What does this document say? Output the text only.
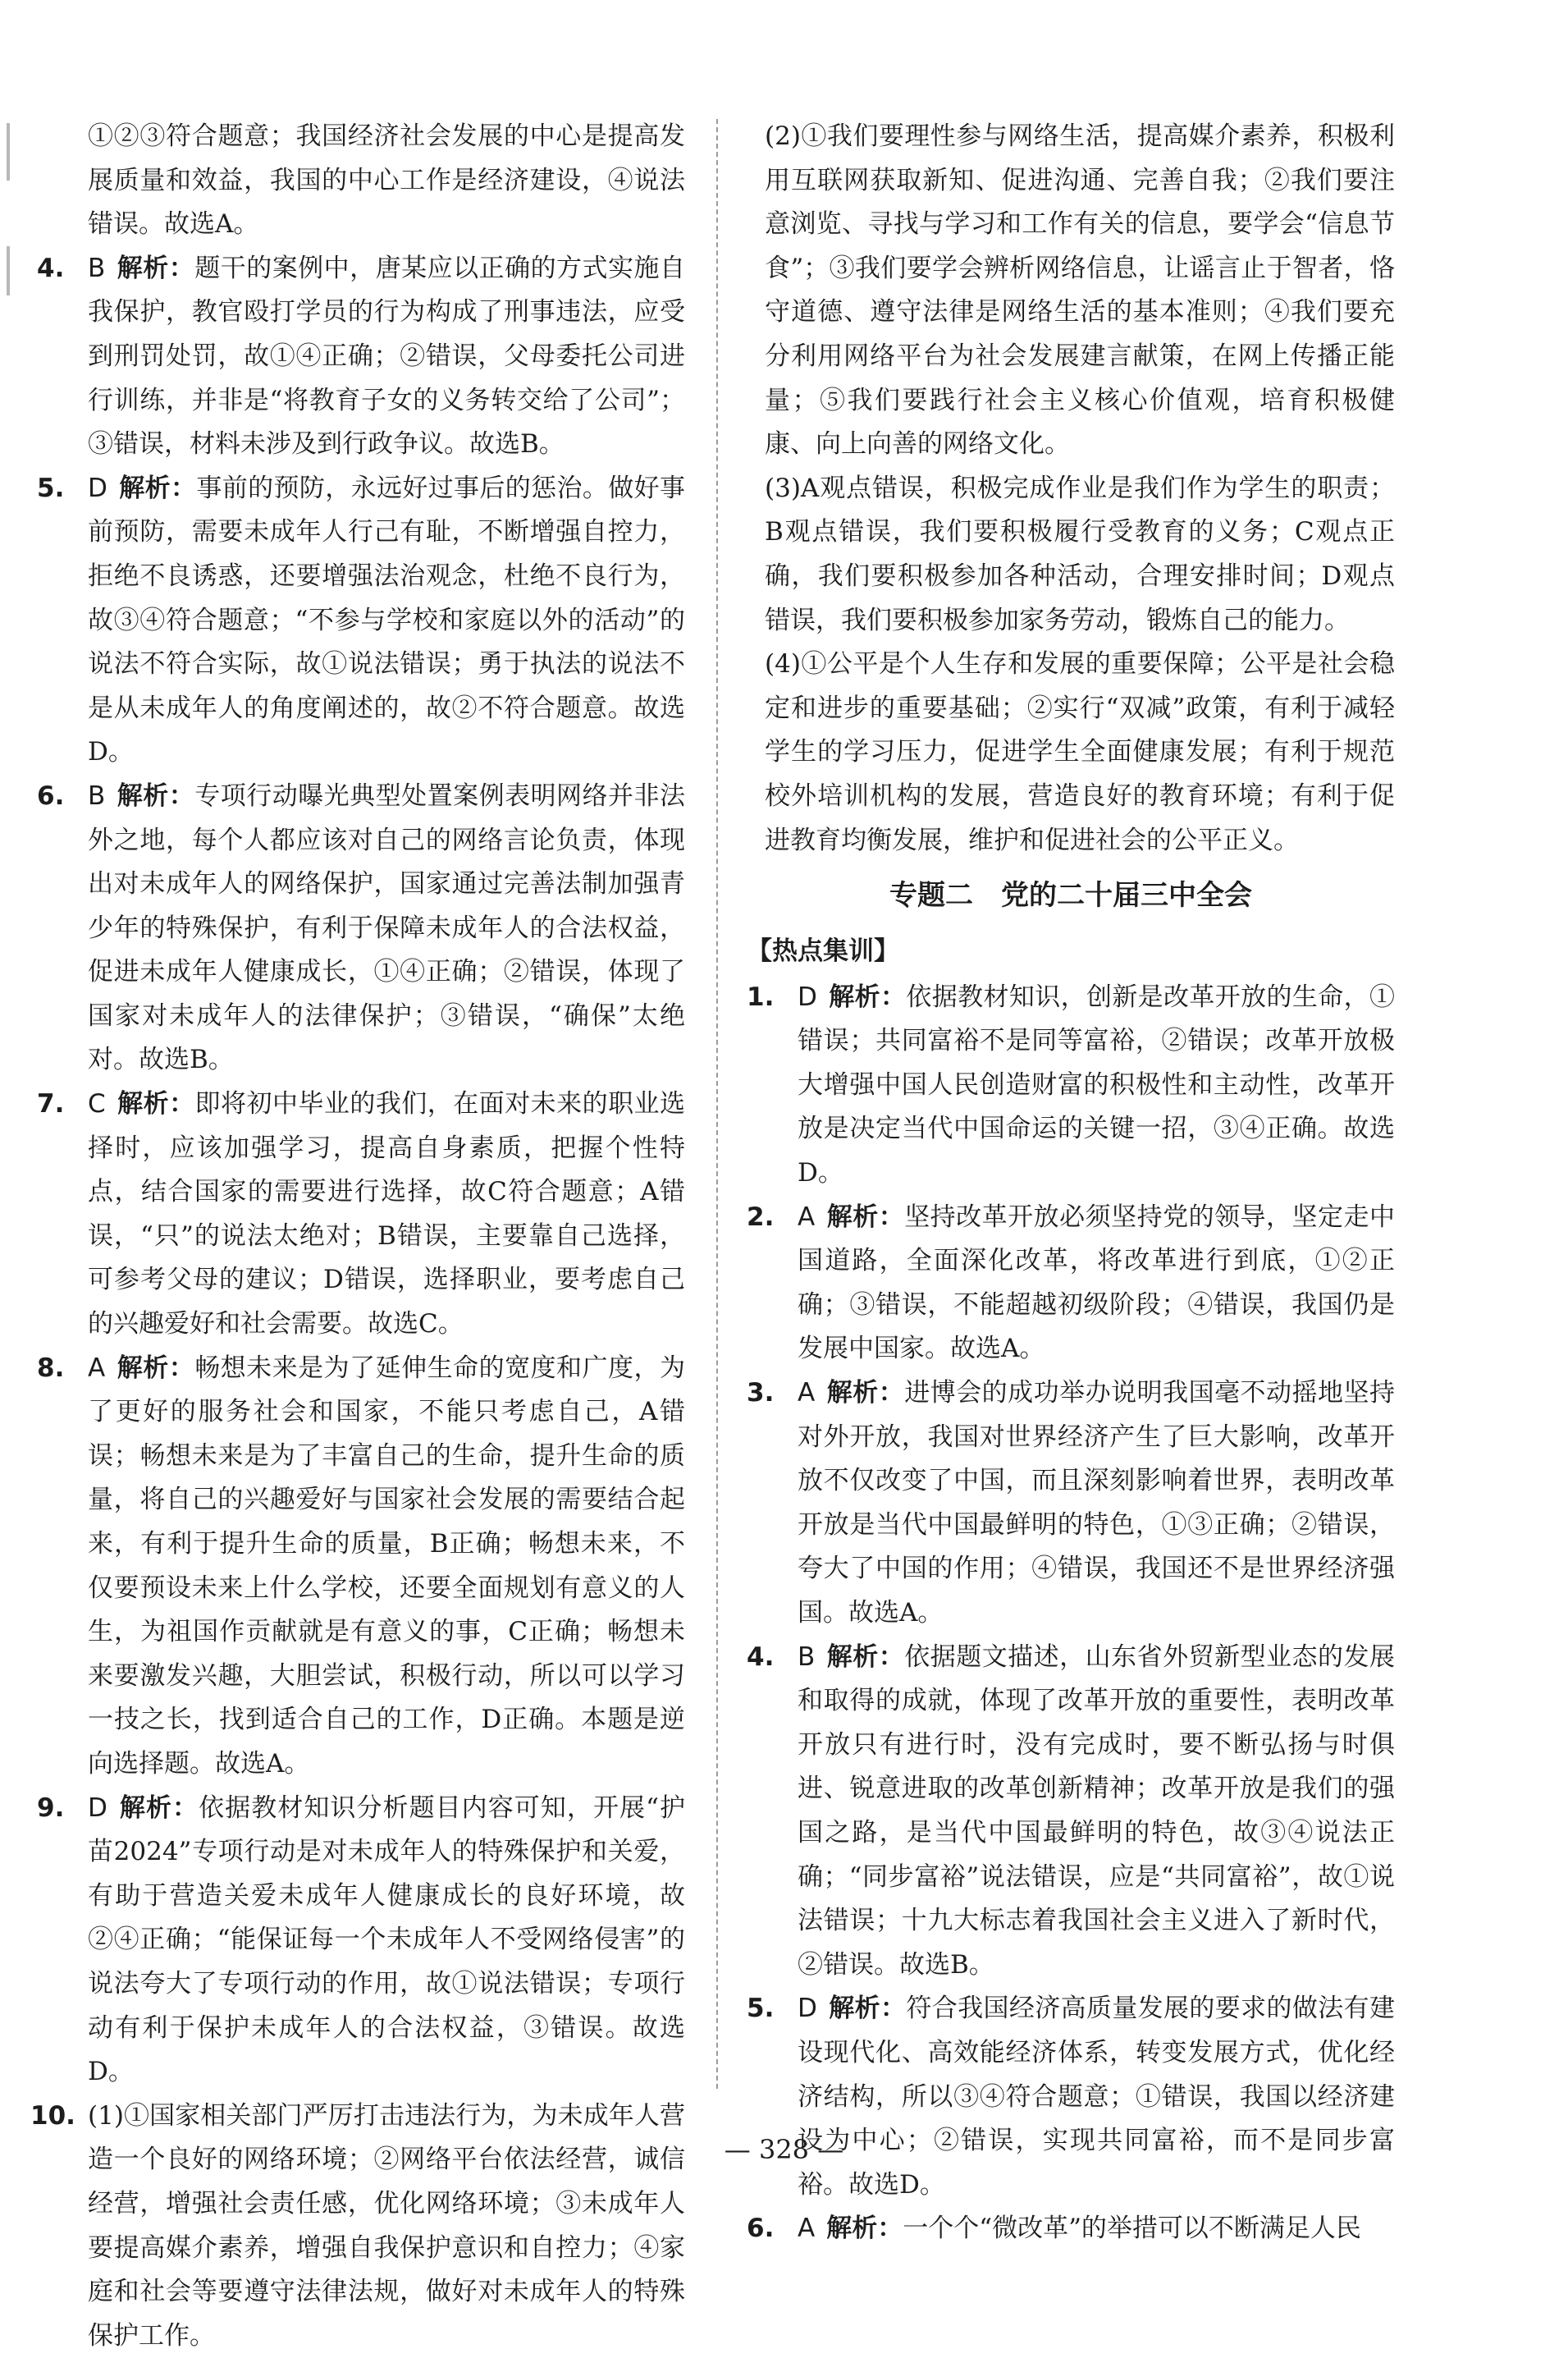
①②③符合题意；我国经济社会发展的中心是提高发展质量和效益，我国的中心工作是经济建设，④说法错误。故选A。
4. B 解析：题干的案例中，唐某应以正确的方式实施自我保护，教官殴打学员的行为构成了刑事违法，应受到刑罚处罚，故①④正确；②错误，父母委托公司进行训练，并非是“将教育子女的义务转交给了公司”；③错误，材料未涉及到行政争议。故选B。
5. D 解析：事前的预防，永远好过事后的惩治。做好事前预防，需要未成年人行己有耻，不断增强自控力，拒绝不良诱惑，还要增强法治观念，杜绝不良行为，故③④符合题意；“不参与学校和家庭以外的活动”的说法不符合实际，故①说法错误；勇于执法的说法不是从未成年人的角度阐述的，故②不符合题意。故选D。
6. B 解析：专项行动曝光典型处置案例表明网络并非法外之地，每个人都应该对自己的网络言论负责，体现出对未成年人的网络保护，国家通过完善法制加强青少年的特殊保护，有利于保障未成年人的合法权益，促进未成年人健康成长，①④正确；②错误，体现了国家对未成年人的法律保护；③错误，“确保”太绝对。故选B。
7. C 解析：即将初中毕业的我们，在面对未来的职业选择时，应该加强学习，提高自身素质，把握个性特点，结合国家的需要进行选择，故C符合题意；A错误，“只”的说法太绝对；B错误，主要靠自己选择，可参考父母的建议；D错误，选择职业，要考虑自己的兴趣爱好和社会需要。故选C。
8. A 解析：畅想未来是为了延伸生命的宽度和广度，为了更好的服务社会和国家，不能只考虑自己，A错误；畅想未来是为了丰富自己的生命，提升生命的质量，将自己的兴趣爱好与国家社会发展的需要结合起来，有利于提升生命的质量，B正确；畅想未来，不仅要预设未来上什么学校，还要全面规划有意义的人生，为祖国作贡献就是有意义的事，C正确；畅想未来要激发兴趣，大胆尝试，积极行动，所以可以学习一技之长，找到适合自己的工作，D正确。本题是逆向选择题。故选A。
9. D 解析：依据教材知识分析题目内容可知，开展“护苗2024”专项行动是对未成年人的特殊保护和关爱，有助于营造关爱未成年人健康成长的良好环境，故②④正确；“能保证每一个未成年人不受网络侵害”的说法夸大了专项行动的作用，故①说法错误；专项行动有利于保护未成年人的合法权益，③错误。故选D。
10. (1)①国家相关部门严厉打击违法行为，为未成年人营造一个良好的网络环境；②网络平台依法经营，诚信经营，增强社会责任感，优化网络环境；③未成年人要提高媒介素养，增强自我保护意识和自控力；④家庭和社会等要遵守法律法规，做好对未成年人的特殊保护工作。
(2)①我们要理性参与网络生活，提高媒介素养，积极利用互联网获取新知、促进沟通、完善自我；②我们要注意浏览、寻找与学习和工作有关的信息，要学会“信息节食”；③我们要学会辨析网络信息，让谣言止于智者，恪守道德、遵守法律是网络生活的基本准则；④我们要充分利用网络平台为社会发展建言献策，在网上传播正能量；⑤我们要践行社会主义核心价值观，培育积极健康、向上向善的网络文化。
(3)A观点错误，积极完成作业是我们作为学生的职责；B观点错误，我们要积极履行受教育的义务；C观点正确，我们要积极参加各种活动，合理安排时间；D观点错误，我们要积极参加家务劳动，锻炼自己的能力。
(4)①公平是个人生存和发展的重要保障；公平是社会稳定和进步的重要基础；②实行“双减”政策，有利于减轻学生的学习压力，促进学生全面健康发展；有利于规范校外培训机构的发展，营造良好的教育环境；有利于促进教育均衡发展，维护和促进社会的公平正义。
专题二　党的二十届三中全会
【热点集训】
1. D 解析：依据教材知识，创新是改革开放的生命，①错误；共同富裕不是同等富裕，②错误；改革开放极大增强中国人民创造财富的积极性和主动性，改革开放是决定当代中国命运的关键一招，③④正确。故选D。
2. A 解析：坚持改革开放必须坚持党的领导，坚定走中国道路，全面深化改革，将改革进行到底，①②正确；③错误，不能超越初级阶段；④错误，我国仍是发展中国家。故选A。
3. A 解析：进博会的成功举办说明我国毫不动摇地坚持对外开放，我国对世界经济产生了巨大影响，改革开放不仅改变了中国，而且深刻影响着世界，表明改革开放是当代中国最鲜明的特色，①③正确；②错误，夸大了中国的作用；④错误，我国还不是世界经济强国。故选A。
4. B 解析：依据题文描述，山东省外贸新型业态的发展和取得的成就，体现了改革开放的重要性，表明改革开放只有进行时，没有完成时，要不断弘扬与时俱进、锐意进取的改革创新精神；改革开放是我们的强国之路，是当代中国最鲜明的特色，故③④说法正确；“同步富裕”说法错误，应是“共同富裕”，故①说法错误；十九大标志着我国社会主义进入了新时代，②错误。故选B。
5. D 解析：符合我国经济高质量发展的要求的做法有建设现代化、高效能经济体系，转变发展方式，优化经济结构，所以③④符合题意；①错误，我国以经济建设为中心；②错误，实现共同富裕，而不是同步富裕。故选D。
6. A 解析：一个个“微改革”的举措可以不断满足人民
— 328 —
